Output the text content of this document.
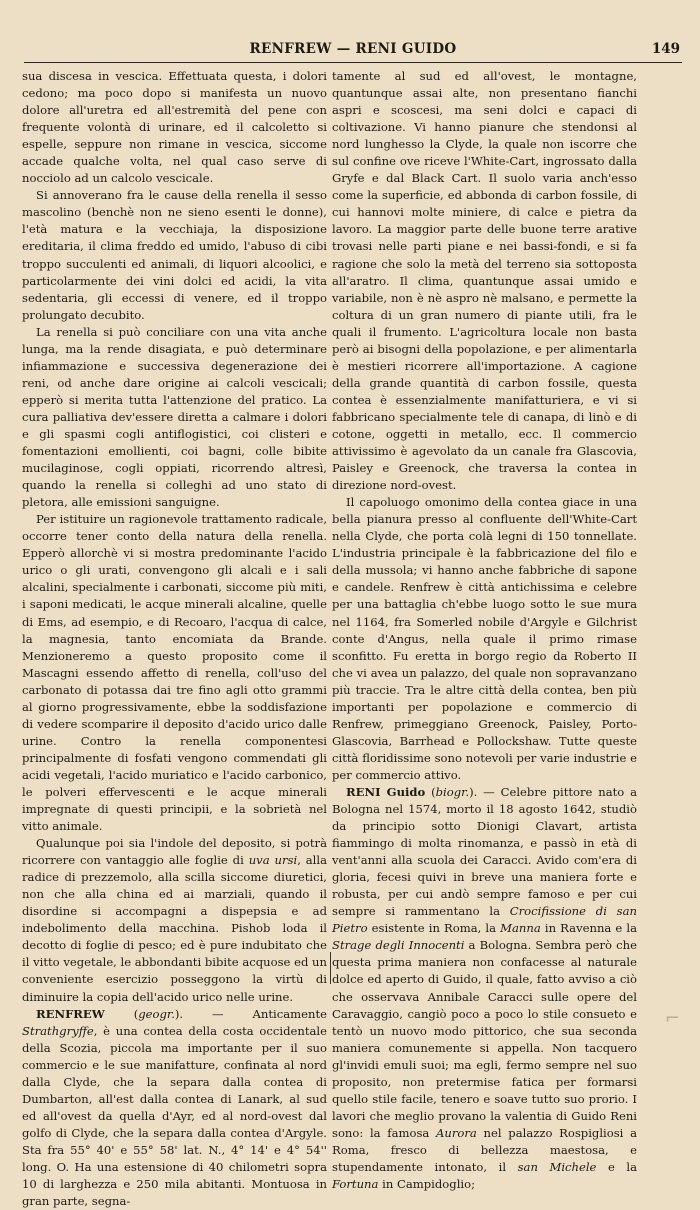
RENFREW — RENI GUIDO	149

sua discesa in vescica. Effettuata questa, i dolori cedono; ma poco dopo si manifesta un nuovo dolore all'uretra ed all'estremità del pene con frequente volontà di urinare, ed il calcoletto si espelle, seppure non rimane in vescica, siccome accade qualche volta, nel qual caso serve di nocciolo ad un calcolo vescicale.

Si annoverano fra le cause della renella il sesso mascolino (benchè non ne sieno esenti le donne), l'età matura e la vecchiaja, la disposizione ereditaria, il clima freddo ed umido, l'abuso di cibi troppo succulenti ed animali, di liquori alcoolici, e particolarmente dei vini dolci ed acidi, la vita sedentaria, gli eccessi di venere, ed il troppo prolungato decubito.

La renella si può conciliare con una vita anche lunga, ma la rende disagiata, e può determinare infiammazione e successiva degenerazione dei reni, od anche dare origine ai calcoli vescicali; epperò si merita tutta l'attenzione del pratico. La cura palliativa dev'essere diretta a calmare i dolori e gli spasmi cogli antiflogistici, coi clisteri e fomentazioni emollienti, coi bagni, colle bibite mucilaginose, cogli oppiati, ricorrendo altresì, quando la renella si colleghi ad uno stato di pletora, alle emissioni sanguigne.

Per istituire un ragionevole trattamento radicale, occorre tener conto della natura della renella. Epperò allorchè vi si mostra predominante l'acido urico o gli urati, convengono gli alcali e i sali alcalini, specialmente i carbonati, siccome più miti, i saponi medicati, le acque minerali alcaline, quelle di Ems, ad esempio, e di Recoaro, l'acqua di calce, la magnesia, tanto encomiata da Brande. Menzioneremo a questo proposito come il Mascagni essendo affetto di renella, coll'uso del carbonato di potassa dai tre fino agli otto grammi al giorno progressivamente, ebbe la soddisfazione di vedere scomparire il deposito d'acido urico dalle urine. Contro la renella componentesi principalmente di fosfati vengono commendati gli acidi vegetali, l'acido muriatico e l'acido carbonico, le polveri effervescenti e le acque minerali impregnate di questi principii, e la sobrietà nel vitto animale.

Qualunque poi sia l'indole del deposito, si potrà ricorrere con vantaggio alle foglie di uva ursi, alla radice di prezzemolo, alla scilla siccome diuretici, non che alla china ed ai marziali, quando il disordine si accompagni a dispepsia e ad indebolimento della macchina. Pishob loda il decotto di foglie di pesco; ed è pure indubitato che il vitto vegetale, le abbondanti bibite acquose ed un conveniente esercizio posseggono la virtù di diminuire la copia dell'acido urico nelle urine.

RENFREW (geogr.). — Anticamente Strathgryffe, è una contea della costa occidentale della Scozia, piccola ma importante per il suo commercio e le sue manifatture, confinata al nord dalla Clyde, che la separa dalla contea di Dumbarton, all'est dalla contea di Lanark, al sud ed all'ovest da quella d'Ayr, ed al nord-ovest dal golfo di Clyde, che la separa dalla contea d'Argyle. Sta fra 55° 40' e 55° 58' lat. N., 4° 14' e 4° 54'' long. O. Ha una estensione di 40 chilometri sopra 10 di larghezza e 250 mila abitanti. Montuosa in gran parte, segna-

tamente al sud ed all'ovest, le montagne, quantunque assai alte, non presentano fianchi aspri e scoscesi, ma seni dolci e capaci di coltivazione. Vi hanno pianure che stendonsi al nord lunghesso la Clyde, la quale non iscorre che sul confine ove riceve l'White-Cart, ingrossato dalla Gryfe e dal Black Cart. Il suolo varia anch'esso come la superficie, ed abbonda di carbon fossile, di cui hannovi molte miniere, di calce e pietra da lavoro. La maggior parte delle buone terre arative trovasi nelle parti piane e nei bassi-fondi, e si fa ragione che solo la metà del terreno sia sottoposta all'aratro. Il clima, quantunque assai umido e variabile, non è nè aspro nè malsano, e permette la coltura di un gran numero di piante utili, fra le quali il frumento. L'agricoltura locale non basta però ai bisogni della popolazione, e per alimentarla è mestieri ricorrere all'importazione. A cagione della grande quantità di carbon fossile, questa contea è essenzialmente manifatturiera, e vi si fabbricano specialmente tele di canapa, di linò e di cotone, oggetti in metallo, ecc. Il commercio attivissimo è agevolato da un canale fra Glascovia, Paisley e Greenock, che traversa la contea in direzione nord-ovest.

Il capoluogo omonimo della contea giace in una bella pianura presso al confluente dell'White-Cart nella Clyde, che porta colà legni di 150 tonnellate. L'industria principale è la fabbricazione del filo e della mussola; vi hanno anche fabbriche di sapone e candele. Renfrew è città antichissima e celebre per una battaglia ch'ebbe luogo sotto le sue mura nel 1164, fra Somerled nobile d'Argyle e Gilchrist conte d'Angus, nella quale il primo rimase sconfitto. Fu eretta in borgo regio da Roberto II che vi avea un palazzo, del quale non sopravanzano più traccie. Tra le altre città della contea, ben più importanti per popolazione e commercio di Renfrew, primeggiano Greenock, Paisley, Porto-Glascovia, Barrhead e Pollockshaw. Tutte queste città floridissime sono notevoli per varie industrie e per commercio attivo.

RENI Guido (biogr.). — Celebre pittore nato a Bologna nel 1574, morto il 18 agosto 1642, studiò da principio sotto Dionigi Clavart, artista fiammingo di molta rinomanza, e passò in età di vent'anni alla scuola dei Caracci. Avido com'era di gloria, fecesi quivi in breve una maniera forte e robusta, per cui andò sempre famoso e per cui sempre si rammentano la Crocifissione di san Pietro esistente in Roma, la Manna in Ravenna e la Strage degli Innocenti a Bologna. Sembra però che questa prima maniera non confacesse al naturale dolce ed aperto di Guido, il quale, fatto avviso a ciò che osservava Annibale Caracci sulle opere del Caravaggio, cangiò poco a poco lo stile consueto e tentò un nuovo modo pittorico, che sua seconda maniera comunemente si appella. Non tacquero gl'invidi emuli suoi; ma egli, fermo sempre nel suo proposito, non pretermise fatica per formarsi quello stile facile, tenero e soave tutto suo prorio. I lavori che meglio provano la valentia di Guido Reni sono: la famosa Aurora nel palazzo Rospigliosi a Roma, fresco di bellezza maestosa, e stupendamente intonato, il san Michele e la Fortuna in Campidoglio;

⌐
